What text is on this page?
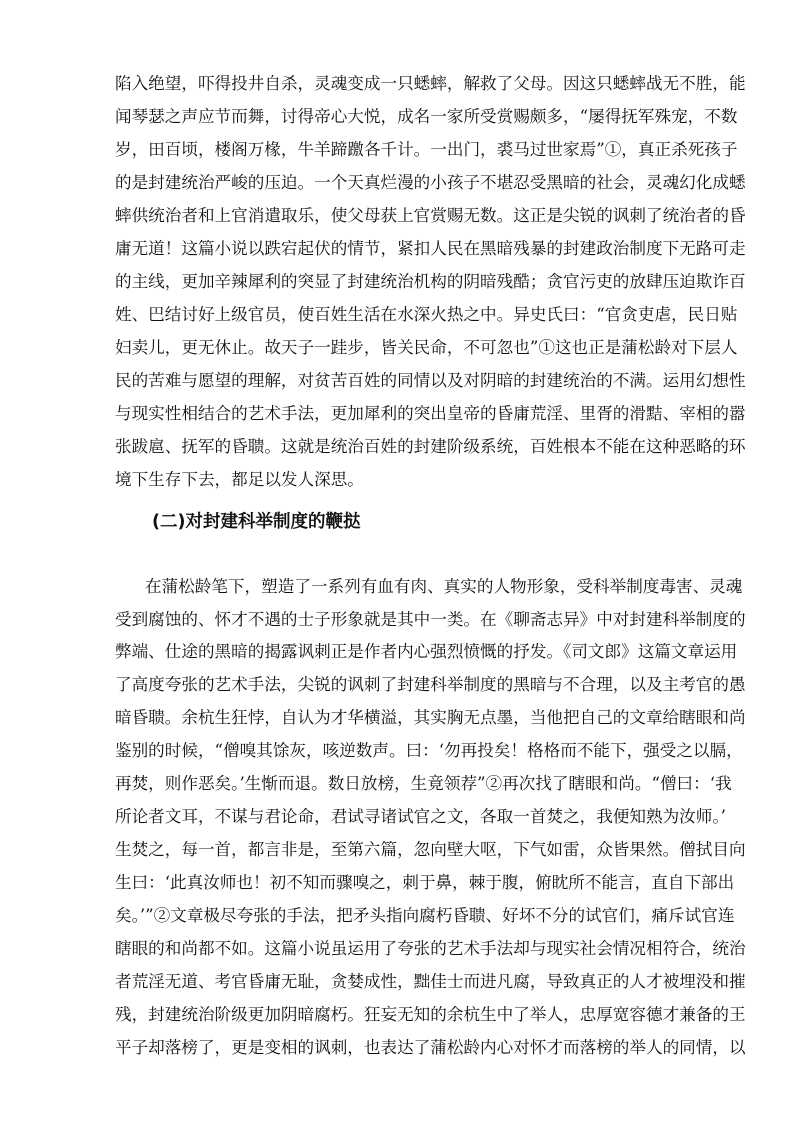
陷入绝望，吓得投井自杀，灵魂变成一只蟋蟀，解救了父母。因这只蟋蟀战无不胜，能
闻琴瑟之声应节而舞，讨得帝心大悦，成名一家所受赏赐颇多，“屡得抚军殊宠，不数
岁，田百顷，楼阁万椽，牛羊蹄躈各千计。一出门，裘马过世家焉”①，真正杀死孩子
的是封建统治严峻的压迫。一个天真烂漫的小孩子不堪忍受黑暗的社会，灵魂幻化成蟋
蟀供统治者和上官消遣取乐，使父母获上官赏赐无数。这正是尖锐的讽刺了统治者的昏
庸无道！这篇小说以跌宕起伏的情节，紧扣人民在黑暗残暴的封建政治制度下无路可走
的主线，更加辛辣犀利的突显了封建统治机构的阴暗残酷；贪官污吏的放肆压迫欺诈百
姓、巴结讨好上级官员，使百姓生活在水深火热之中。异史氏曰：“官贪吏虐，民日贴
妇卖儿，更无休止。故天子一跬步，皆关民命，不可忽也”①这也正是蒲松龄对下层人
民的苦难与愿望的理解，对贫苦百姓的同情以及对阴暗的封建统治的不满。运用幻想性
与现实性相结合的艺术手法，更加犀利的突出皇帝的昏庸荒淫、里胥的滑黠、宰相的嚣
张跋扈、抚军的昏聩。这就是统治百姓的封建阶级系统，百姓根本不能在这种恶略的环
境下生存下去，都足以发人深思。
(二)对封建科举制度的鞭挞
在蒲松龄笔下，塑造了一系列有血有肉、真实的人物形象，受科举制度毒害、灵魂
受到腐蚀的、怀才不遇的士子形象就是其中一类。在《聊斋志异》中对封建科举制度的
弊端、仕途的黑暗的揭露讽刺正是作者内心强烈愤慨的抒发。《司文郎》这篇文章运用
了高度夸张的艺术手法，尖锐的讽刺了封建科举制度的黑暗与不合理，以及主考官的愚
暗昏聩。余杭生狂悖，自认为才华横溢，其实胸无点墨，当他把自己的文章给瞎眼和尚
鉴别的时候，“僧嗅其馀灰，咳逆数声。曰：‘勿再投矣！格格而不能下，强受之以膈，
再焚，则作恶矣。’生惭而退。数日放榜，生竟领荐”②再次找了瞎眼和尚。“僧曰：‘我
所论者文耳，不谋与君论命，君试寻诸试官之文，各取一首焚之，我便知熟为汝师。’
生焚之，每一首，都言非是，至第六篇，忽向壁大呕，下气如雷，众皆果然。僧拭目向
生曰：‘此真汝师也！初不知而骤嗅之，刺于鼻，棘于腹，俯眈所不能言，直自下部出
矣。’”②文章极尽夸张的手法，把矛头指向腐朽昏聩、好坏不分的试官们，痛斥试官连
瞎眼的和尚都不如。这篇小说虽运用了夸张的艺术手法却与现实社会情况相符合，统治
者荒淫无道、考官昏庸无耻，贪婪成性，黜佳士而进凡腐，导致真正的人才被埋没和摧
残，封建统治阶级更加阴暗腐朽。狂妄无知的余杭生中了举人，忠厚宽容德才兼备的王
平子却落榜了，更是变相的讽刺，也表达了蒲松龄内心对怀才而落榜的举人的同情，以
